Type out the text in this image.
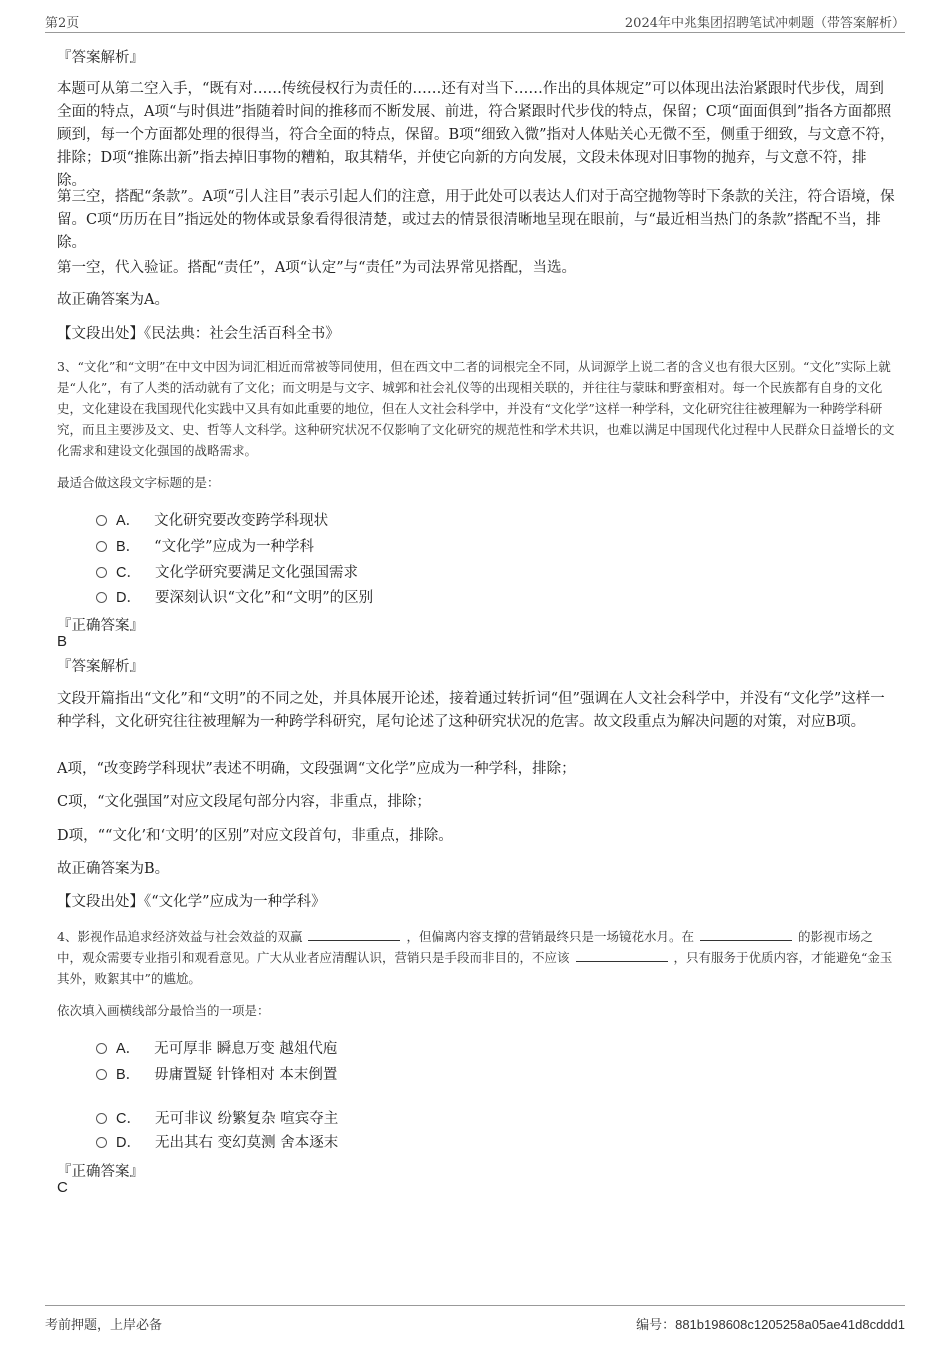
第2页	2024年中兆集团招聘笔试冲刺题（带答案解析）
『答案解析』
本题可从第二空入手，“既有对……传统侵权行为责任的……还有对当下……作出的具体规定”可以体现出法治紧跟时代步伐，周到全面的特点，A项“与时俱进”指随着时间的推移而不断发展、前进，符合紧跟时代步伐的特点，保留；C项“面面俱到”指各方面都照顾到，每一个方面都处理的很得当，符合全面的特点，保留。B项“细致入微”指对人体贴关心无微不至，侧重于细致，与文意不符，排除；D项“推陈出新”指去掉旧事物的糟粕，取其精华，并使它向新的方向发展，文段未体现对旧事物的抛弃，与文意不符，排除。
第三空，搭配“条款”。A项“引人注目”表示引起人们的注意，用于此处可以表达人们对于高空抛物等时下条款的关注，符合语境，保留。C项“历历在目”指远处的物体或景象看得很清楚，或过去的情景很清晰地呈现在眼前，与“最近相当热门的条款”搭配不当，排除。
第一空，代入验证。搭配“责任”，A项“认定”与“责任”为司法界常见搭配，当选。
故正确答案为A。
【文段出处】《民法典：社会生活百科全书》
3、“文化”和“文明”在中文中因为词汇相近而常被等同使用，但在西文中二者的词根完全不同，从词源学上说二者的含义也有很大区别。“文化”实际上就是“人化”，有了人类的活动就有了文化；而文明是与文字、城郭和社会礼仪等的出现相关联的，并往往与蒙昧和野蛮相对。每一个民族都有自身的文化史，文化建设在我国现代化实践中又具有如此重要的地位，但在人文社会科学中，并没有“文化学”这样一种学科，文化研究往往被理解为一种跨学科研究，而且主要涉及文、史、哲等人文科学。这种研究状况不仅影响了文化研究的规范性和学术共识，也难以满足中国现代化过程中人民群众日益增长的文化需求和建设文化强国的战略需求。
最适合做这段文字标题的是：
A． 文化研究要改变跨学科现状
B． “文化学”应成为一种学科
C． 文化学研究要满足文化强国需求
D． 要深刻认识“文化”和“文明”的区别
『正确答案』
B
『答案解析』
文段开篇指出“文化”和“文明”的不同之处，并具体展开论述，接着通过转折词“但”强调在人文社会科学中，并没有“文化学”这样一种学科，文化研究往往被理解为一种跨学科研究，尾句论述了这种研究状况的危害。故文段重点为解决问题的对策，对应B项。
A项，“改变跨学科现状”表述不明确，文段强调“文化学”应成为一种学科，排除；
C项，“文化强国”对应文段尾句部分内容，非重点，排除；
D项，““文化’和‘文明’的区别”对应文段首句，非重点，排除。
故正确答案为B。
【文段出处】《“文化学”应成为一种学科》
4、影视作品追求经济效益与社会效益的双赢	，但偏离内容支撑的营销最终只是一场镜花水月。在	的影视市场之中，观众需要专业指引和观看意见。广大从业者应清醒认识，营销只是手段而非目的，不应该	，只有服务于优质内容，才能避免“金玉其外，败絮其中”的尴尬。
依次填入画横线部分最恰当的一项是：
A． 无可厚非 瞬息万变 越俎代庖
B． 毋庸置疑 针锋相对 本末倒置
C． 无可非议 纷繁复杂 喧宾夺主
D． 无出其右 变幻莫测 舍本逐末
『正确答案』
C
考前押题，上岸必备	编号：881b198608c1205258a05ae41d8cddd1
